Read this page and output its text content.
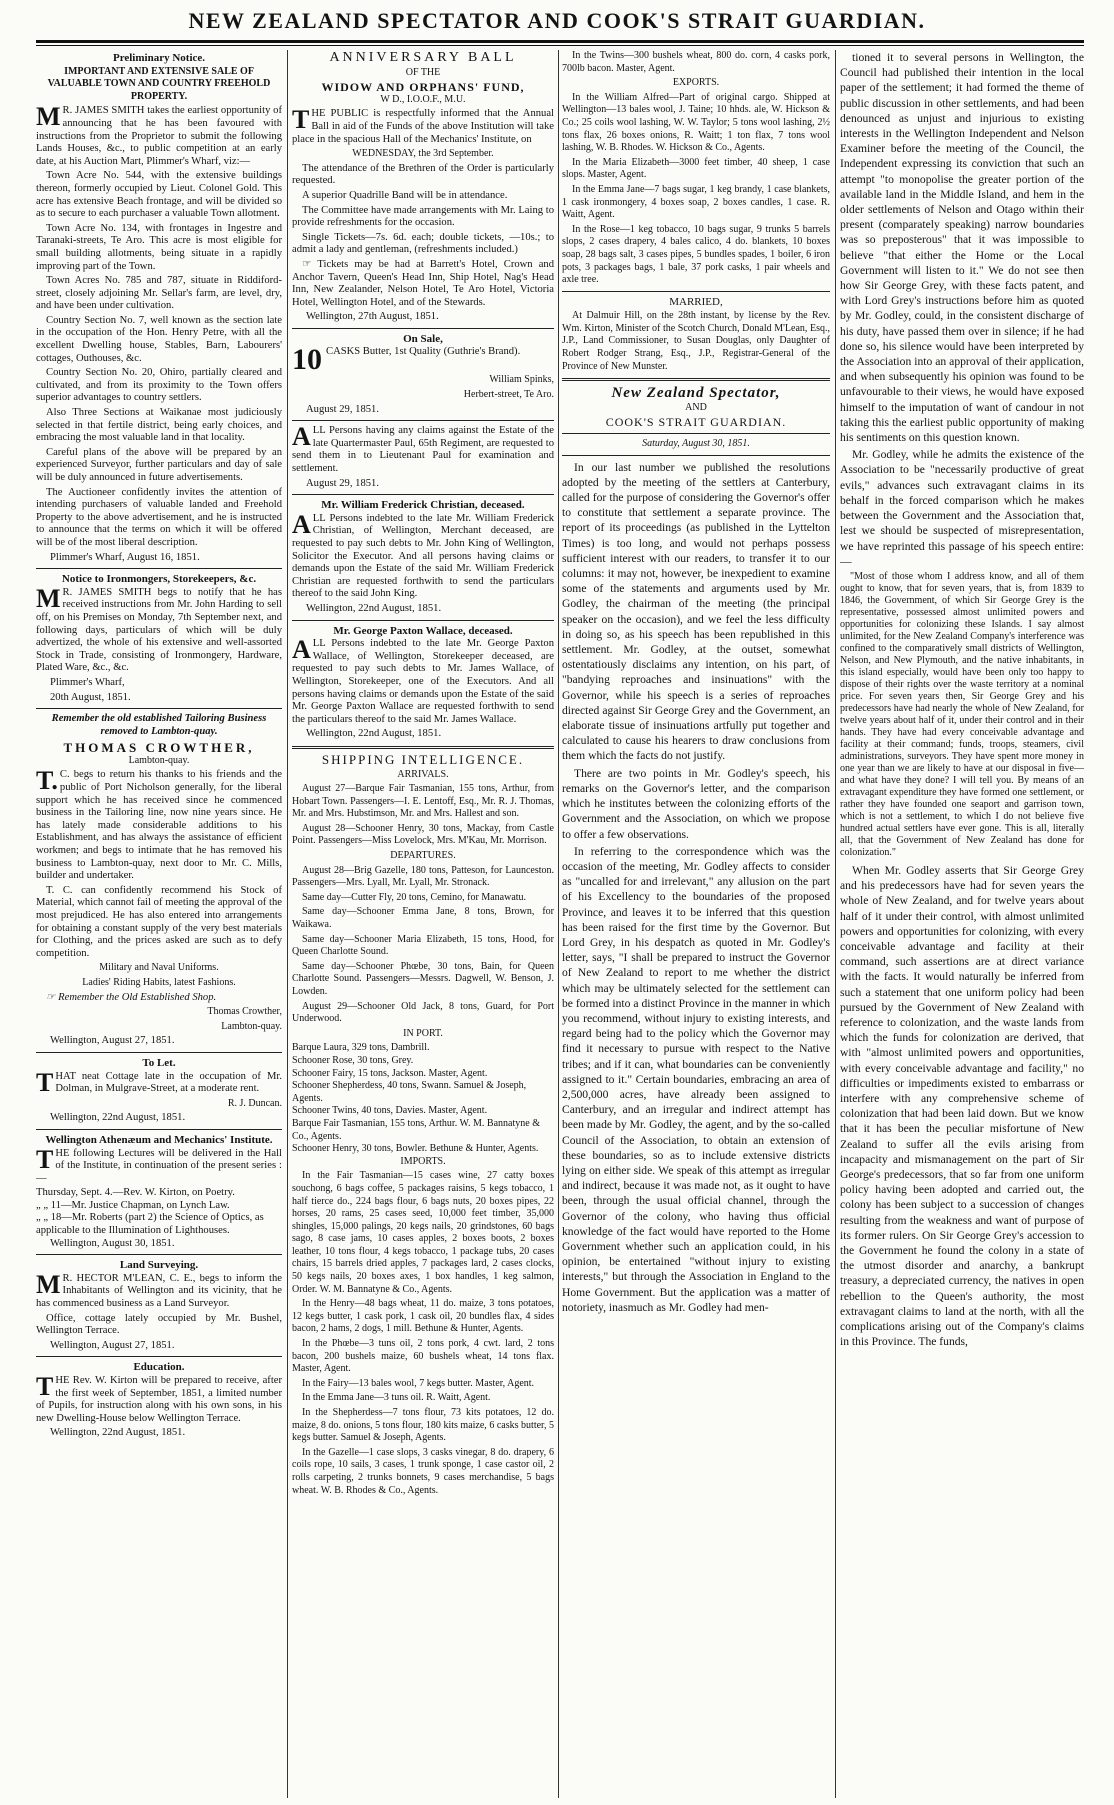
NEW ZEALAND SPECTATOR AND COOK'S STRAIT GUARDIAN.
Preliminary Notice.
IMPORTANT AND EXTENSIVE SALE OF VALUABLE TOWN AND COUNTRY FREEHOLD PROPERTY.
MR. JAMES SMITH takes the earliest opportunity of announcing that he has been favoured with instructions from the Proprietor to submit the following Lands Houses, &c., to public competition at an early date, at his Auction Mart, Plimmer's Wharf, viz:—
Town Acre No. 544, with the extensive buildings thereon, formerly occupied by Lieut. Colonel Gold. This acre has extensive Beach frontage, and will be divided so as to secure to each purchaser a valuable Town allotment.
Town Acre No. 134, with frontages in Ingestre and Taranaki-streets, Te Aro. This acre is most eligible for small building allotments, being situate in a rapidly improving part of the Town.
Town Acres No. 785 and 787, situate in Riddiford-street, closely adjoining Mr. Sellar's farm, are level, dry, and have been under cultivation.
Country Section No. 7, well known as the section late in the occupation of the Hon. Henry Petre, with all the excellent Dwelling house, Stables, Barn, Labourers' cottages, Outhouses, &c.
Country Section No. 20, Ohiro, partially cleared and cultivated, and from its proximity to the Town offers superior advantages to country settlers.
Also Three Sections at Waikanae most judiciously selected in that fertile district, being early choices, and embracing the most valuable land in that locality.
Careful plans of the above will be prepared by an experienced Surveyor, further particulars and day of sale will be duly announced in future advertisements.
The Auctioneer confidently invites the attention of intending purchasers of valuable landed and Freehold Property to the above advertisement, and he is instructed to announce that the terms on which it will be offered will be of the most liberal description.
Plimmer's Wharf, August 16, 1851.
Notice to Ironmongers, Storekeepers, &c.
MR. JAMES SMITH begs to notify that he has received instructions from Mr. John Harding to sell off, on his Premises on Monday, 7th September next, and following days, particulars of which will be duly advertized, the whole of his extensive and well-assorted Stock in Trade, consisting of Ironmongery, Hardware, Plated Ware, &c., &c.
Plimmer's Wharf,
20th August, 1851.
Remember the old established Tailoring Business removed to Lambton-quay.
THOMAS CROWTHER,
Lambton-quay.
T.C. begs to return his thanks to his friends and the public of Port Nicholson generally, for the liberal support which he has received since he commenced business in the Tailoring line, now nine years since. He has lately made considerable additions to his Establishment, and has always the assistance of efficient workmen; and begs to intimate that he has removed his business to Lambton-quay, next door to Mr. C. Mills, builder and undertaker.
T. C. can confidently recommend his Stock of Material, which cannot fail of meeting the approval of the most prejudiced. He has also entered into arrangements for obtaining a constant supply of the very best materials for Clothing, and the prices asked are such as to defy competition.
Military and Naval Uniforms.
Ladies' Riding Habits, latest Fashions.
☞ Remember the Old Established Shop.
Thomas Crowther,
Lambton-quay.
Wellington, August 27, 1851.
To Let.
THAT neat Cottage late in the occupation of Mr. Dolman, in Mulgrave-Street, at a moderate rent.
R. J. Duncan.
Wellington, 22nd August, 1851.
Wellington Athenæum and Mechanics' Institute.
THE following Lectures will be delivered in the Hall of the Institute, in continuation of the present series :—
Thursday, Sept. 4.—Rev. W. Kirton, on Poetry.
„ „ 11—Mr. Justice Chapman, on Lynch Law.
„ „ 18—Mr. Roberts (part 2) the Science of Optics, as applicable to the Illumination of Lighthouses.
Wellington, August 30, 1851.
Land Surveying.
MR. HECTOR M'LEAN, C. E., begs to inform the Inhabitants of Wellington and its vicinity, that he has commenced business as a Land Surveyor.
Office, cottage lately occupied by Mr. Bushel, Wellington Terrace.
Wellington, August 27, 1851.
Education.
THE Rev. W. Kirton will be prepared to receive, after the first week of September, 1851, a limited number of Pupils, for instruction along with his own sons, in his new Dwelling-House below Wellington Terrace.
Wellington, 22nd August, 1851.
ANNIVERSARY BALL
OF THE
WIDOW AND ORPHANS' FUND,
W D., I.O.O.F., M.U.
THE PUBLIC is respectfully informed that the Annual Ball in aid of the Funds of the above Institution will take place in the spacious Hall of the Mechanics' Institute, on
WEDNESDAY, the 3rd September.
The attendance of the Brethren of the Order is particularly requested.
A superior Quadrille Band will be in attendance.
The Committee have made arrangements with Mr. Laing to provide refreshments for the occasion.
Single Tickets—7s. 6d. each; double tickets, —10s.; to admit a lady and gentleman, (refreshments included.)
☞ Tickets may be had at Barrett's Hotel, Crown and Anchor Tavern, Queen's Head Inn, Ship Hotel, Nag's Head Inn, New Zealander, Nelson Hotel, Te Aro Hotel, Victoria Hotel, Wellington Hotel, and of the Stewards.
Wellington, 27th August, 1851.
On Sale,
10 CASKS Butter, 1st Quality (Guthrie's Brand).
William Spinks,
Herbert-street, Te Aro.
August 29, 1851.
ALL Persons having any claims against the Estate of the late Quartermaster Paul, 65th Regiment, are requested to send them in to Lieutenant Paul for examination and settlement.
August 29, 1851.
Mr. William Frederick Christian, deceased.
ALL Persons indebted to the late Mr. William Frederick Christian, of Wellington, Merchant deceased, are requested to pay such debts to Mr. John King of Wellington, Solicitor the Executor. And all persons having claims or demands upon the Estate of the said Mr. William Frederick Christian are requested forthwith to send the particulars thereof to the said John King.
Wellington, 22nd August, 1851.
Mr. George Paxton Wallace, deceased.
ALL Persons indebted to the late Mr. George Paxton Wallace, of Wellington, Storekeeper deceased, are requested to pay such debts to Mr. James Wallace, of Wellington, Storekeeper, one of the Executors. And all persons having claims or demands upon the Estate of the said Mr. George Paxton Wallace are requested forthwith to send the particulars thereof to the said Mr. James Wallace.
Wellington, 22nd August, 1851.
SHIPPING INTELLIGENCE.
ARRIVALS.
August 27—Barque Fair Tasmanian, 155 tons, Arthur, from Hobart Town. Passengers—I. E. Lentoff, Esq., Mr. R. J. Thomas, Mr. and Mrs. Hubstimson, Mr. and Mrs. Hallest and son.
August 28—Schooner Henry, 30 tons, Mackay, from Castle Point. Passengers—Miss Lovelock, Mrs. M'Kau, Mr. Morrison.
DEPARTURES.
August 28—Brig Gazelle, 180 tons, Patteson, for Launceston. Passengers—Mrs. Lyall, Mr. Lyall, Mr. Stronack.
Same day—Cutter Fly, 20 tons, Cemino, for Manawatu.
Same day—Schooner Emma Jane, 8 tons, Brown, for Waikawa.
Same day—Schooner Maria Elizabeth, 15 tons, Hood, for Queen Charlotte Sound.
Same day—Schooner Phœbe, 30 tons, Bain, for Queen Charlotte Sound. Passengers—Messrs. Dagwell, W. Benson, J. Lowden.
August 29—Schooner Old Jack, 8 tons, Guard, for Port Underwood.
IN PORT.
Barque Laura, 329 tons, Dambrill.
Schooner Rose, 30 tons, Grey.
Schooner Fairy, 15 tons, Jackson. Master, Agent.
Schooner Shepherdess, 40 tons, Swann. Samuel & Joseph, Agents.
Schooner Twins, 40 tons, Davies. Master, Agent.
Barque Fair Tasmanian, 155 tons, Arthur. W. M. Bannatyne & Co., Agents.
Schooner Henry, 30 tons, Bowler. Bethune & Hunter, Agents.
IMPORTS.
In the Fair Tasmanian—15 cases wine, 27 catty boxes souchong, 6 bags coffee, 5 packages raisins, 5 kegs tobacco, 1 half tierce do., 224 bags flour, 6 bags nuts, 20 boxes pipes, 22 horses, 20 rams, 25 cases seed, 10,000 feet timber, 35,000 shingles, 15,000 palings, 20 kegs nails, 20 grindstones, 60 bags sago, 8 case jams, 10 cases apples, 2 boxes boots, 2 boxes leather, 10 tons flour, 4 kegs tobacco, 1 package tubs, 20 cases chairs, 15 barrels dried apples, 7 packages lard, 2 cases clocks, 50 kegs nails, 20 boxes axes, 1 box handles, 1 keg salmon, Order. W. M. Bannatyne & Co., Agents.
In the Henry—48 bags wheat, 11 do. maize, 3 tons potatoes, 12 kegs butter, 1 cask pork, 1 cask oil, 20 bundles flax, 4 sides bacon, 2 hams, 2 dogs, 1 mill. Bethune & Hunter, Agents.
In the Phœbe—3 tuns oil, 2 tons pork, 4 cwt. lard, 2 tons bacon, 200 bushels maize, 60 bushels wheat, 14 tons flax. Master, Agent.
In the Fairy—13 bales wool, 7 kegs butter. Master, Agent.
In the Emma Jane—3 tuns oil. R. Waitt, Agent.
In the Shepherdess—7 tons flour, 73 kits potatoes, 12 do. maize, 8 do. onions, 5 tons flour, 180 kits maize, 6 casks butter, 5 kegs butter. Samuel & Joseph, Agents.
In the Gazelle—1 case slops, 3 casks vinegar, 8 do. drapery, 6 coils rope, 10 sails, 3 cases, 1 trunk sponge, 1 case castor oil, 2 rolls carpeting, 2 trunks bonnets, 9 cases merchandise, 5 bags wheat. W. B. Rhodes & Co., Agents.
In the Twins—300 bushels wheat, 800 do. corn, 4 casks pork, 700lb bacon. Master, Agent.
EXPORTS.
In the William Alfred—Part of original cargo. Shipped at Wellington—13 bales wool, J. Taine; 10 hhds. ale, W. Hickson & Co.; 25 coils wool lashing, W. W. Taylor; 5 tons wool lashing, 2½ tons flax, 26 boxes onions, R. Waitt; 1 ton flax, 7 tons wool lashing, W. B. Rhodes. W. Hickson & Co., Agents.
In the Maria Elizabeth—3000 feet timber, 40 sheep, 1 case slops. Master, Agent.
In the Emma Jane—7 bags sugar, 1 keg brandy, 1 case blankets, 1 cask ironmongery, 4 boxes soap, 2 boxes candles, 1 case. R. Waitt, Agent.
In the Rose—1 keg tobacco, 10 bags sugar, 9 trunks 5 barrels slops, 2 cases drapery, 4 bales calico, 4 do. blankets, 10 boxes soap, 28 bags salt, 3 cases pipes, 5 bundles spades, 1 boiler, 6 iron pots, 3 packages bags, 1 bale, 37 pork casks, 1 pair wheels and axle tree.
MARRIED,
At Dalmuir Hill, on the 28th instant, by license by the Rev. Wm. Kirton, Minister of the Scotch Church, Donald M'Lean, Esq., J.P., Land Commissioner, to Susan Douglas, only Daughter of Robert Rodger Strang, Esq., J.P., Registrar-General of the Province of New Munster.
New Zealand Spectator,
AND
COOK'S STRAIT GUARDIAN.
Saturday, August 30, 1851.
In our last number we published the resolutions adopted by the meeting of the settlers at Canterbury, called for the purpose of considering the Governor's offer to constitute that settlement a separate province. The report of its proceedings (as published in the Lyttelton Times) is too long, and would not perhaps possess sufficient interest with our readers, to transfer it to our columns: it may not, however, be inexpedient to examine some of the statements and arguments used by Mr. Godley, the chairman of the meeting (the principal speaker on the occasion), and we feel the less difficulty in doing so, as his speech has been republished in this settlement. Mr. Godley, at the outset, somewhat ostentatiously disclaims any intention, on his part, of "bandying reproaches and insinuations" with the Governor, while his speech is a series of reproaches directed against Sir George Grey and the Government, an elaborate tissue of insinuations artfully put together and calculated to cause his hearers to draw conclusions from them which the facts do not justify.
There are two points in Mr. Godley's speech, his remarks on the Governor's letter, and the comparison which he institutes between the colonizing efforts of the Government and the Association, on which we propose to offer a few observations.
In referring to the correspondence which was the occasion of the meeting, Mr. Godley affects to consider as "uncalled for and irrelevant," any allusion on the part of his Excellency to the boundaries of the proposed Province, and leaves it to be inferred that this question has been raised for the first time by the Governor. But Lord Grey, in his despatch as quoted in Mr. Godley's letter, says, "I shall be prepared to instruct the Governor of New Zealand to report to me whether the district which may be ultimately selected for the settlement can be formed into a distinct Province in the manner in which you recommend, without injury to existing interests, and regard being had to the policy which the Governor may find it necessary to pursue with respect to the Native tribes; and if it can, what boundaries can be conveniently assigned to it." Certain boundaries, embracing an area of 2,500,000 acres, have already been assigned to Canterbury, and an irregular and indirect attempt has been made by Mr. Godley, the agent, and by the so-called Council of the Association, to obtain an extension of these boundaries, so as to include extensive districts lying on either side. We speak of this attempt as irregular and indirect, because it was made not, as it ought to have been, through the usual official channel, through the Governor of the colony, who having thus official knowledge of the fact would have reported to the Home Government whether such an application could, in his opinion, be entertained "without injury to existing interests," but through the Association in England to the Home Government. But the application was a matter of notoriety, inasmuch as Mr. Godley had men-
tioned it to several persons in Wellington, the Council had published their intention in the local paper of the settlement; it had formed the theme of public discussion in other settlements, and had been denounced as unjust and injurious to existing interests in the Wellington Independent and Nelson Examiner before the meeting of the Council, the Independent expressing its conviction that such an attempt "to monopolise the greater portion of the available land in the Middle Island, and hem in the older settlements of Nelson and Otago within their present (comparately speaking) narrow boundaries was so preposterous" that it was impossible to believe "that either the Home or the Local Government will listen to it." We do not see then how Sir George Grey, with these facts patent, and with Lord Grey's instructions before him as quoted by Mr. Godley, could, in the consistent discharge of his duty, have passed them over in silence; if he had done so, his silence would have been interpreted by the Association into an approval of their application, and when subsequently his opinion was found to be unfavourable to their views, he would have exposed himself to the imputation of want of candour in not taking this the earliest public opportunity of making his sentiments on this question known.
Mr. Godley, while he admits the existence of the Association to be "necessarily productive of great evils," advances such extravagant claims in its behalf in the forced comparison which he makes between the Government and the Association that, lest we should be suspected of misrepresentation, we have reprinted this passage of his speech entire:—
"Most of those whom I address know, and all of them ought to know, that for seven years, that is, from 1839 to 1846, the Government, of which Sir George Grey is the representative, possessed almost unlimited powers and opportunities for colonizing these Islands. I say almost unlimited, for the New Zealand Company's interference was confined to the comparatively small districts of Wellington, Nelson, and New Plymouth, and the native inhabitants, in this island especially, would have been only too happy to dispose of their rights over the waste territory at a nominal price. For seven years then, Sir George Grey and his predecessors have had nearly the whole of New Zealand, for twelve years about half of it, under their control and in their hands. They have had every conceivable advantage and facility at their command; funds, troops, steamers, civil administrations, surveyors. They have spent more money in one year than we are likely to have at our disposal in five—and what have they done? I will tell you. By means of an extravagant expenditure they have formed one settlement, or rather they have founded one seaport and garrison town, which is not a settlement, to which I do not believe five hundred actual settlers have ever gone. This is all, literally all, that the Government of New Zealand has done for colonization."
When Mr. Godley asserts that Sir George Grey and his predecessors have had for seven years the whole of New Zealand, and for twelve years about half of it under their control, with almost unlimited powers and opportunities for colonizing, with every conceivable advantage and facility at their command, such assertions are at direct variance with the facts. It would naturally be inferred from such a statement that one uniform policy had been pursued by the Government of New Zealand with reference to colonization, and the waste lands from which the funds for colonization are derived, that with "almost unlimited powers and opportunities, with every conceivable advantage and facility," no difficulties or impediments existed to embarrass or interfere with any comprehensive scheme of colonization that had been laid down. But we know that it has been the peculiar misfortune of New Zealand to suffer all the evils arising from incapacity and mismanagement on the part of Sir George's predecessors, that so far from one uniform policy having been adopted and carried out, the colony has been subject to a succession of changes resulting from the weakness and want of purpose of its former rulers. On Sir George Grey's accession to the Government he found the colony in a state of the utmost disorder and anarchy, a bankrupt treasury, a depreciated currency, the natives in open rebellion to the Queen's authority, the most extravagant claims to land at the north, with all the complications arising out of the Company's claims in this Province. The funds,
